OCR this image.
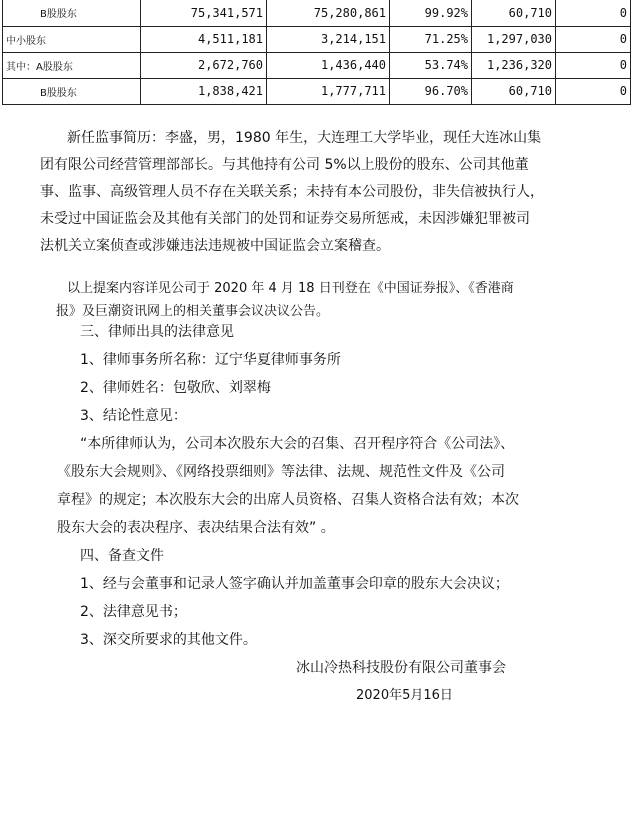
B股股东	75,341,571	75,280,861	99.92%	60,710	0
中小股东	4,511,181	3,214,151	71.25%	1,297,030	0
其中：A股股东	2,672,760	1,436,440	53.74%	1,236,320	0
B股股东	1,838,421	1,777,711	96.70%	60,710	0
新任监事简历：李盛，男，1980 年生，大连理工大学毕业，现任大连冰山集
团有限公司经营管理部部长。与其他持有公司 5%以上股份的股东、公司其他董
事、监事、高级管理人员不存在关联关系；未持有本公司股份，非失信被执行人，
未受过中国证监会及其他有关部门的处罚和证券交易所惩戒，未因涉嫌犯罪被司
法机关立案侦查或涉嫌违法违规被中国证监会立案稽查。
以上提案内容详见公司于 2020 年 4 月 18 日刊登在《中国证券报》、《香港商
报》及巨潮资讯网上的相关董事会议决议公告。
三、律师出具的法律意见
1、律师事务所名称：辽宁华夏律师事务所
2、律师姓名：包敬欣、刘翠梅
3、结论性意见：
“本所律师认为，公司本次股东大会的召集、召开程序符合《公司法》、
《股东大会规则》、《网络投票细则》等法律、法规、规范性文件及《公司
章程》的规定；本次股东大会的出席人员资格、召集人资格合法有效；本次
股东大会的表决程序、表决结果合法有效” 。
四、备查文件
1、经与会董事和记录人签字确认并加盖董事会印章的股东大会决议；
2、法律意见书；
3、深交所要求的其他文件。
冰山冷热科技股份有限公司董事会
2020年5月16日
